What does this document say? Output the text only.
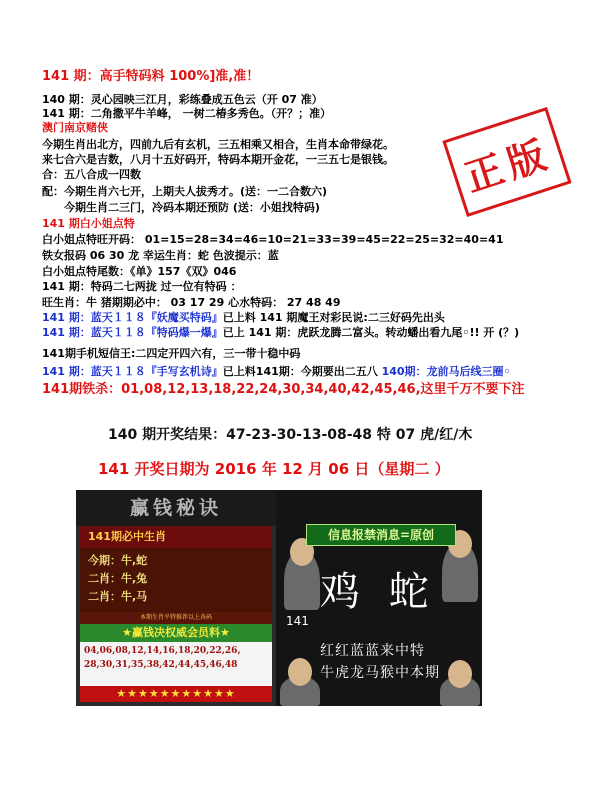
141 期：高手特码料 100%]准,准！
140 期：灵心园映三江月，彩练叠成五色云（开 07 准）
141 期：二角撒平牛羊峰， 一树二椿多秀色。（开？；准）
澳门南京赌侠
今期生肖出北方，四前九后有玄机，三五相乘又相合，生肖本命带绿花。
来七合六是吉数，八月十五好码开，特码本期开金花，一三五七是银钱。
合：五八合成一四数
配：今期生肖六七开，上期夫人拔秀才。(送：一二合数六)
今期生肖二三门，冷码本期还预防 (送：小姐找特码)
141 期白小姐点特
白小姐点特旺开码： 01=15=28=34=46=10=21=33=39=45=22=25=32=40=41
铁女报码 06 30 龙 幸运生肖：蛇 色波提示：蓝
白小姐点特尾数：《单》157《双》046
141 期：特码二七两拢 过一位有特码 ：
旺生肖：牛 猪期期必中： 03 17 29 心水特码： 27 48 49
141 期：蓝天１１８『妖魔买特码』已上料 141 期魔王对彩民说:二三好码先出头
141 期：蓝天１１８『特码爆一爆』已上 141 期：虎跃龙腾二富头。转动蟠出看九尾◦!! 开 (？)
141期手机短信王:二四定开四六有，三一带十稳中码
141 期：蓝天１１８『手写玄机诗』已上料141期：今期要出二五八 140期：龙前马后线三圈◦
141期铁杀：01,08,12,13,18,22,24,30,34,40,42,45,46,这里千万不要下注
正版
140 期开奖结果：47-23-30-13-08-48 特 07 虎/红/木
141 开奖日期为 2016 年 12 月 06 日（星期二 ）
赢钱秘诀
141期必中生肖
今期：牛,蛇
二肖：牛,兔
二肖：牛,马
本期生肖平特推荐以上各码
★赢钱决权威会员料★
04,06,08,12,14,16,18,20,22,26,
28,30,31,35,38,42,44,45,46,48
★★★★★★★★★★★
信息报禁消息=原创
鸡 蛇
141
红红蓝蓝来中特
牛虎龙马猴中本期
